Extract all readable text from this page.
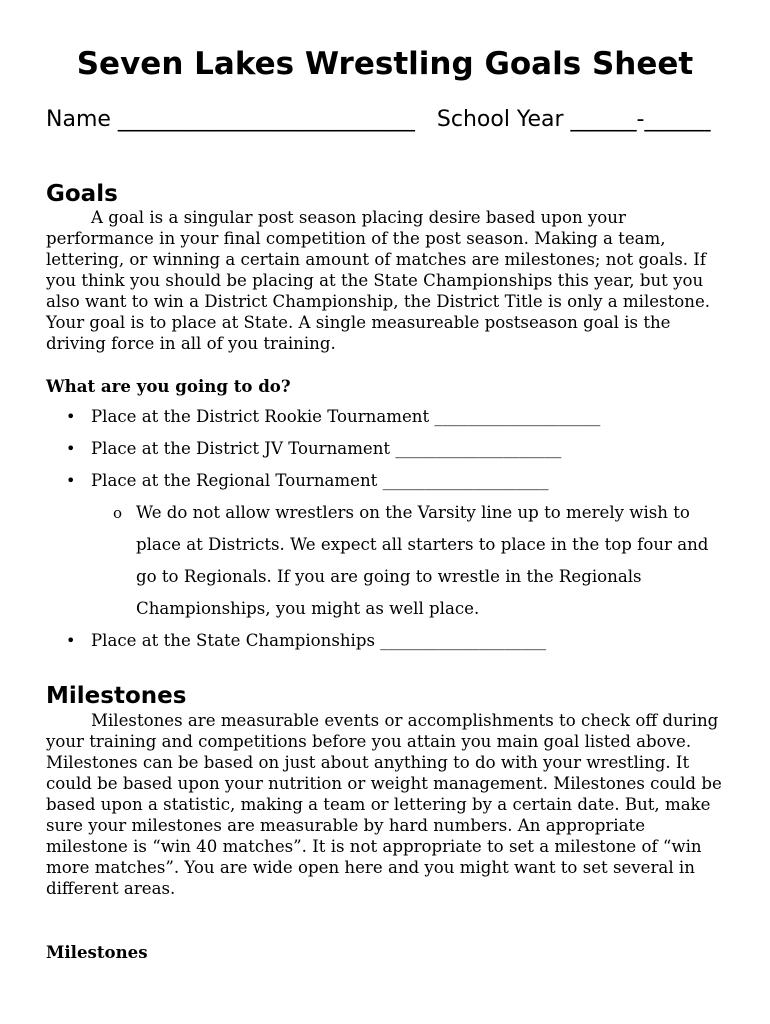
Seven Lakes Wrestling Goals Sheet

Name ___________________________ School Year ______-______

Goals

A goal is a singular post season placing desire based upon your performance in your final competition of the post season. Making a team, lettering, or winning a certain amount of matches are milestones; not goals. If you think you should be placing at the State Championships this year, but you also want to win a District Championship, the District Title is only a milestone. Your goal is to place at State. A single measureable postseason goal is the driving force in all of you training.

What are you going to do?
• Place at the District Rookie Tournament ____________________
• Place at the District JV Tournament ____________________
• Place at the Regional Tournament ____________________
o We do not allow wrestlers on the Varsity line up to merely wish to place at Districts. We expect all starters to place in the top four and go to Regionals. If you are going to wrestle in the Regionals Championships, you might as well place.
• Place at the State Championships ____________________
Milestones

Milestones are measurable events or accomplishments to check off during your training and competitions before you attain you main goal listed above. Milestones can be based on just about anything to do with your wrestling. It could be based upon your nutrition or weight management. Milestones could be based upon a statistic, making a team or lettering by a certain date. But, make sure your milestones are measurable by hard numbers. An appropriate milestone is “win 40 matches”. It is not appropriate to set a milestone of “win more matches”. You are wide open here and you might want to set several in different areas.

Milestones
